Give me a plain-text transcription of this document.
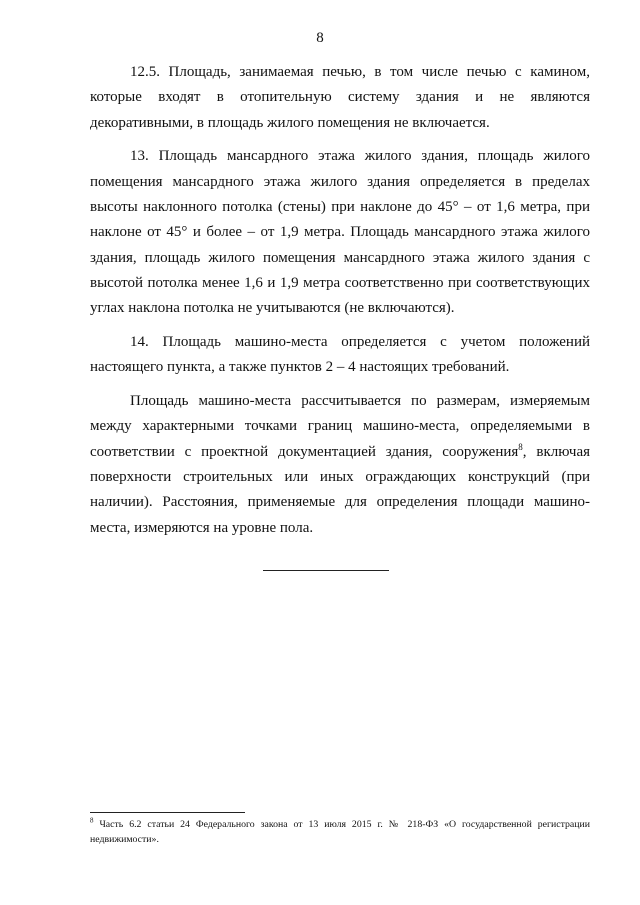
8

12.5. Площадь, занимаемая печью, в том числе печью с камином, которые входят в отопительную систему здания и не являются декоративными, в площадь жилого помещения не включается.

13. Площадь мансардного этажа жилого здания, площадь жилого помещения мансардного этажа жилого здания определяется в пределах высоты наклонного потолка (стены) при наклоне до 45° – от 1,6 метра, при наклоне от 45° и более – от 1,9 метра. Площадь мансардного этажа жилого здания, площадь жилого помещения мансардного этажа жилого здания с высотой потолка менее 1,6 и 1,9 метра соответственно при соответствующих углах наклона потолка не учитываются (не включаются).

14. Площадь машино-места определяется с учетом положений настоящего пункта, а также пунктов 2 – 4 настоящих требований.

Площадь машино-места рассчитывается по размерам, измеряемым между характерными точками границ машино-места, определяемыми в соответствии с проектной документацией здания, сооружения$^8$, включая поверхности строительных или иных ограждающих конструкций (при наличии). Расстояния, применяемые для определения площади машино-места, измеряются на уровне пола.

$^8$ Часть 6.2 статьи 24 Федерального закона от 13 июля 2015 г. № 218-ФЗ «О государственной регистрации недвижимости».
